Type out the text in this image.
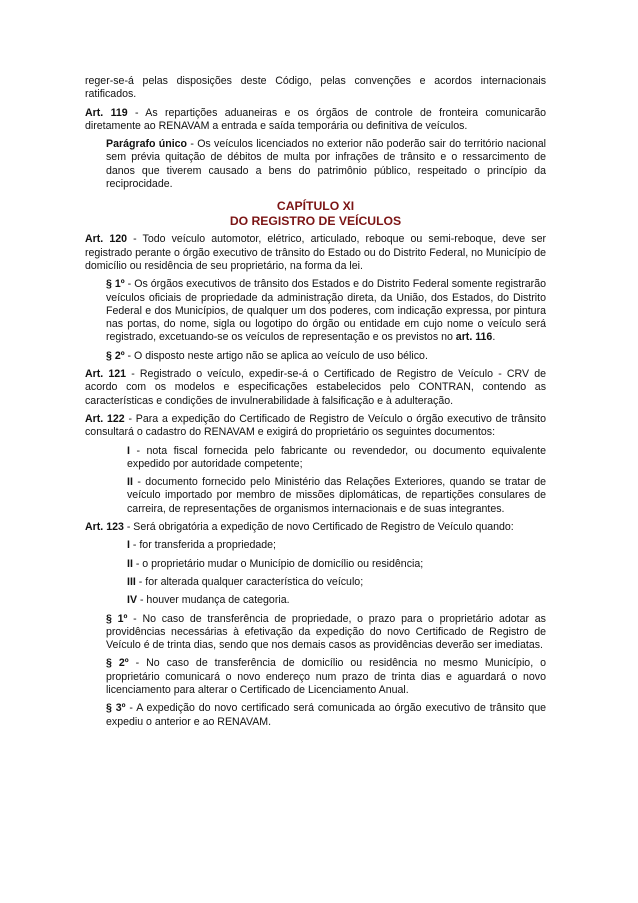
reger-se-á pelas disposições deste Código, pelas convenções e acordos internacionais ratificados.

Art. 119 - As repartições aduaneiras e os órgãos de controle de fronteira comunicarão diretamente ao RENAVAM a entrada e saída temporária ou definitiva de veículos.

Parágrafo único - Os veículos licenciados no exterior não poderão sair do território nacional sem prévia quitação de débitos de multa por infrações de trânsito e o ressarcimento de danos que tiverem causado a bens do patrimônio público, respeitado o princípio da reciprocidade.

CAPÍTULO XI
DO REGISTRO DE VEÍCULOS

Art. 120 - Todo veículo automotor, elétrico, articulado, reboque ou semi-reboque, deve ser registrado perante o órgão executivo de trânsito do Estado ou do Distrito Federal, no Município de domicílio ou residência de seu proprietário, na forma da lei.

§ 1º - Os órgãos executivos de trânsito dos Estados e do Distrito Federal somente registrarão veículos oficiais de propriedade da administração direta, da União, dos Estados, do Distrito Federal e dos Municípios, de qualquer um dos poderes, com indicação expressa, por pintura nas portas, do nome, sigla ou logotipo do órgão ou entidade em cujo nome o veículo será registrado, excetuando-se os veículos de representação e os previstos no art. 116.

§ 2º - O disposto neste artigo não se aplica ao veículo de uso bélico.

Art. 121 - Registrado o veículo, expedir-se-á o Certificado de Registro de Veículo - CRV de acordo com os modelos e especificações estabelecidos pelo CONTRAN, contendo as características e condições de invulnerabilidade à falsificação e à adulteração.

Art. 122 - Para a expedição do Certificado de Registro de Veículo o órgão executivo de trânsito consultará o cadastro do RENAVAM e exigirá do proprietário os seguintes documentos:

I - nota fiscal fornecida pelo fabricante ou revendedor, ou documento equivalente expedido por autoridade competente;

II - documento fornecido pelo Ministério das Relações Exteriores, quando se tratar de veículo importado por membro de missões diplomáticas, de repartições consulares de carreira, de representações de organismos internacionais e de suas integrantes.

Art. 123 - Será obrigatória a expedição de novo Certificado de Registro de Veículo quando:

I - for transferida a propriedade;

II - o proprietário mudar o Município de domicílio ou residência;

III - for alterada qualquer característica do veículo;

IV - houver mudança de categoria.

§ 1º - No caso de transferência de propriedade, o prazo para o proprietário adotar as providências necessárias à efetivação da expedição do novo Certificado de Registro de Veículo é de trinta dias, sendo que nos demais casos as providências deverão ser imediatas.

§ 2º - No caso de transferência de domicílio ou residência no mesmo Município, o proprietário comunicará o novo endereço num prazo de trinta dias e aguardará o novo licenciamento para alterar o Certificado de Licenciamento Anual.

§ 3º - A expedição do novo certificado será comunicada ao órgão executivo de trânsito que expediu o anterior e ao RENAVAM.
